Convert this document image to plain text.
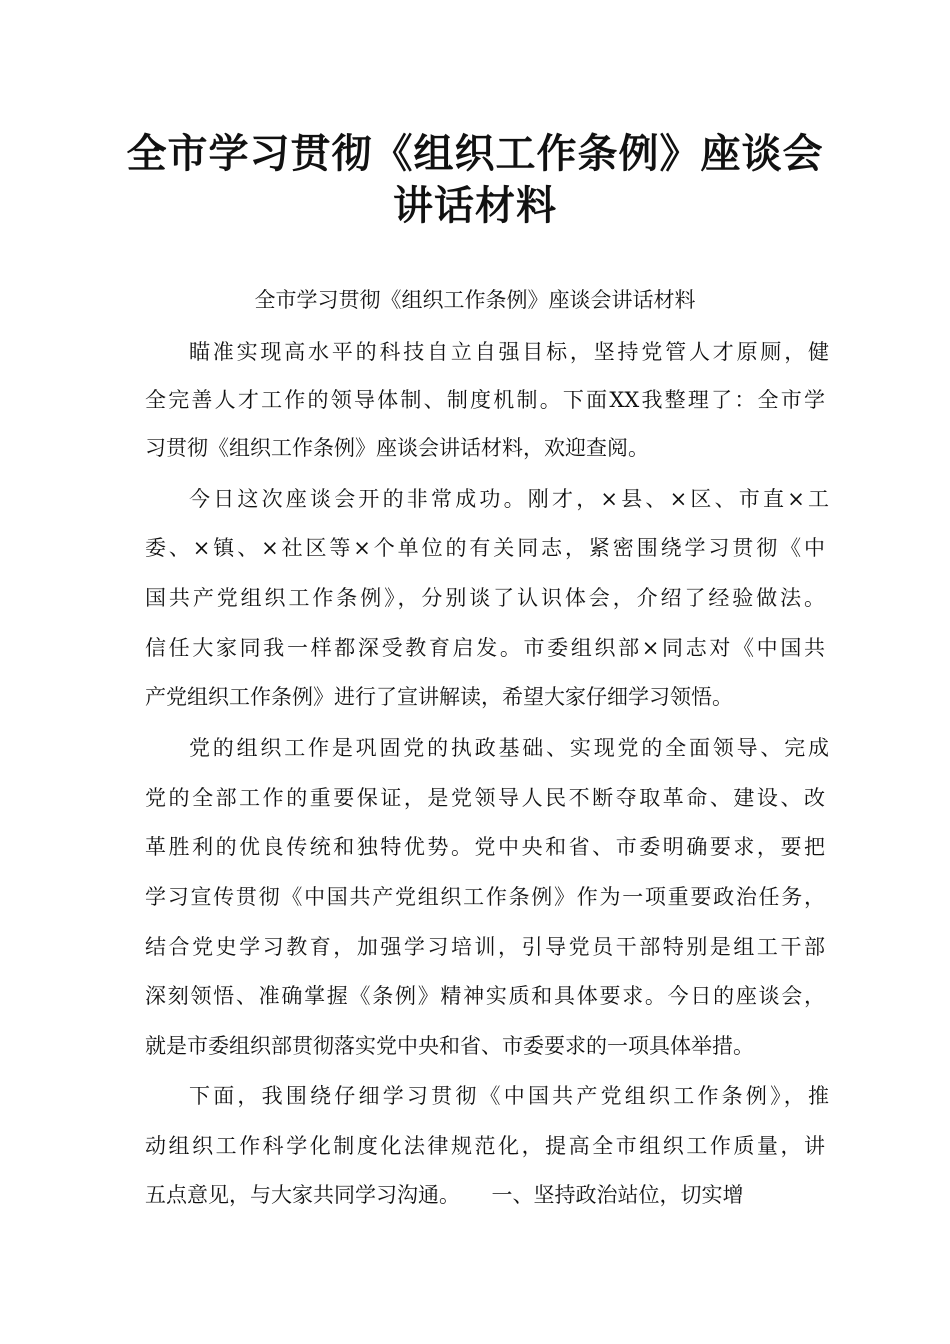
全市学习贯彻《组织工作条例》座谈会
讲话材料

全市学习贯彻《组织工作条例》座谈会讲话材料

瞄准实现高水平的科技自立自强目标，坚持党管人才原厕，健

全完善人才工作的领导体制、制度机制。下面XX我整理了：全市学

习贯彻《组织工作条例》座谈会讲话材料，欢迎查阅。

今日这次座谈会开的非常成功。刚才，×县、×区、市直×工

委、×镇、×社区等×个单位的有关同志，紧密围绕学习贯彻《中

国共产党组织工作条例》，分别谈了认识体会，介绍了经验做法。

信任大家同我一样都深受教育启发。市委组织部×同志对《中国共

产党组织工作条例》进行了宣讲解读，希望大家仔细学习领悟。

党的组织工作是巩固党的执政基础、实现党的全面领导、完成

党的全部工作的重要保证，是党领导人民不断夺取革命、建设、改

革胜利的优良传统和独特优势。党中央和省、市委明确要求，要把

学习宣传贯彻《中国共产党组织工作条例》作为一项重要政治任务，

结合党史学习教育，加强学习培训，引导党员干部特别是组工干部

深刻领悟、准确掌握《条例》精神实质和具体要求。今日的座谈会，

就是市委组织部贯彻落实党中央和省、市委要求的一项具体举措。

下面，我围绕仔细学习贯彻《中国共产党组织工作条例》，推

动组织工作科学化制度化法律规范化，提高全市组织工作质量，讲

五点意见，与大家共同学习沟通。　　一、坚持政治站位，切实增
